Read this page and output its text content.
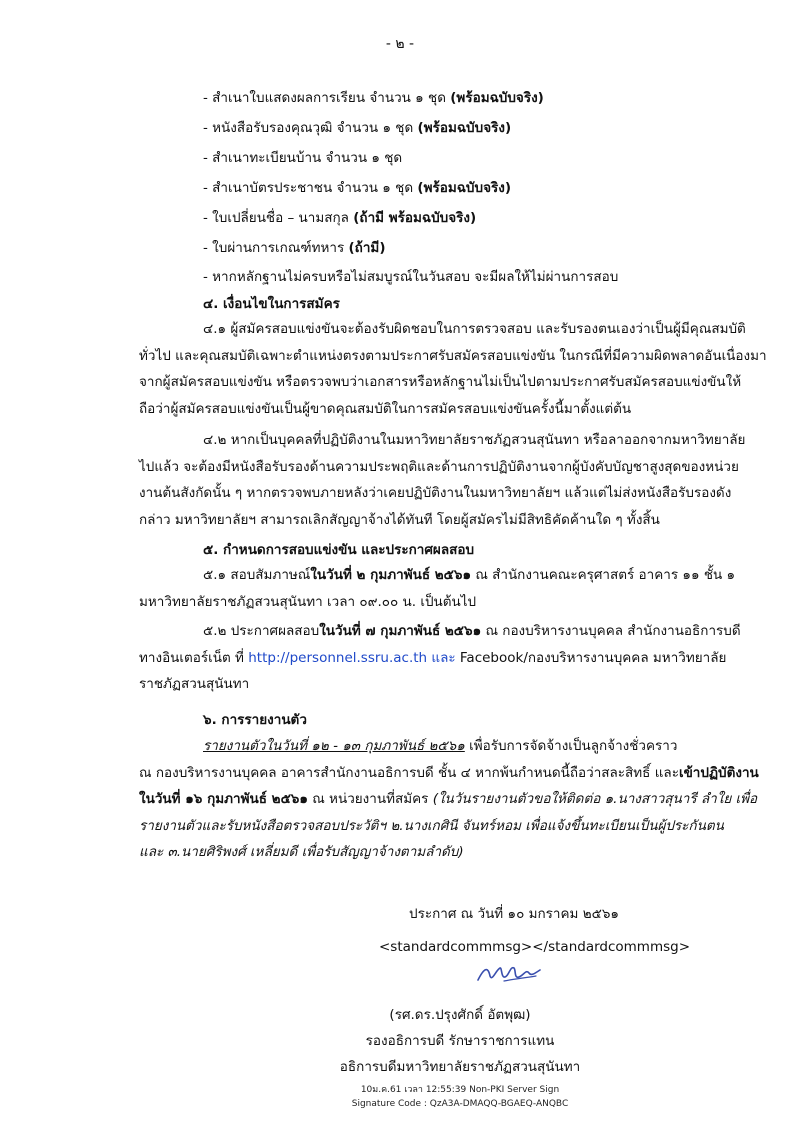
- ๒ -
- สำเนาใบแสดงผลการเรียน จำนวน ๑ ชุด (พร้อมฉบับจริง)
- หนังสือรับรองคุณวุฒิ จำนวน ๑ ชุด (พร้อมฉบับจริง)
- สำเนาทะเบียนบ้าน จำนวน ๑ ชุด
- สำเนาบัตรประชาชน จำนวน ๑ ชุด (พร้อมฉบับจริง)
- ใบเปลี่ยนชื่อ – นามสกุล (ถ้ามี พร้อมฉบับจริง)
- ใบผ่านการเกณฑ์ทหาร (ถ้ามี)
- หากหลักฐานไม่ครบหรือไม่สมบูรณ์ในวันสอบ จะมีผลให้ไม่ผ่านการสอบ
๔. เงื่อนไขในการสมัคร
๔.๑ ผู้สมัครสอบแข่งขันจะต้องรับผิดชอบในการตรวจสอบ และรับรองตนเองว่าเป็นผู้มีคุณสมบัติ
ทั่วไป และคุณสมบัติเฉพาะตำแหน่งตรงตามประกาศรับสมัครสอบแข่งขัน ในกรณีที่มีความผิดพลาดอันเนื่องมา
จากผู้สมัครสอบแข่งขัน หรือตรวจพบว่าเอกสารหรือหลักฐานไม่เป็นไปตามประกาศรับสมัครสอบแข่งขันให้
ถือว่าผู้สมัครสอบแข่งขันเป็นผู้ขาดคุณสมบัติในการสมัครสอบแข่งขันครั้งนี้มาตั้งแต่ต้น
๔.๒ หากเป็นบุคคลที่ปฏิบัติงานในมหาวิทยาลัยราชภัฏสวนสุนันทา หรือลาออกจากมหาวิทยาลัย
ไปแล้ว จะต้องมีหนังสือรับรองด้านความประพฤติและด้านการปฏิบัติงานจากผู้บังคับบัญชาสูงสุดของหน่วย
งานต้นสังกัดนั้น ๆ หากตรวจพบภายหลังว่าเคยปฏิบัติงานในมหาวิทยาลัยฯ แล้วแต่ไม่ส่งหนังสือรับรองดัง
กล่าว มหาวิทยาลัยฯ สามารถเลิกสัญญาจ้างได้ทันที โดยผู้สมัครไม่มีสิทธิคัดค้านใด ๆ ทั้งสิ้น
๕. กำหนดการสอบแข่งขัน และประกาศผลสอบ
๕.๑ สอบสัมภาษณ์ในวันที่ ๒ กุมภาพันธ์ ๒๕๖๑ ณ สำนักงานคณะครุศาสตร์ อาคาร ๑๑ ชั้น ๑
มหาวิทยาลัยราชภัฏสวนสุนันทา เวลา ๐๙.๐๐ น. เป็นต้นไป
๕.๒ ประกาศผลสอบในวันที่ ๗ กุมภาพันธ์ ๒๕๖๑ ณ กองบริหารงานบุคคล สำนักงานอธิการบดี
ทางอินเตอร์เน็ต ที่ http://personnel.ssru.ac.th และ Facebook/กองบริหารงานบุคคล มหาวิทยาลัย
ราชภัฏสวนสุนันทา
๖. การรายงานตัว
รายงานตัวในวันที่ ๑๒ - ๑๓ กุมภาพันธ์ ๒๕๖๑ เพื่อรับการจัดจ้างเป็นลูกจ้างชั่วคราว
ณ กองบริหารงานบุคคล อาคารสำนักงานอธิการบดี ชั้น ๔ หากพ้นกำหนดนี้ถือว่าสละสิทธิ์ และเข้าปฏิบัติงาน
ในวันที่ ๑๖ กุมภาพันธ์ ๒๕๖๑ ณ หน่วยงานที่สมัคร (ในวันรายงานตัวขอให้ติดต่อ ๑.นางสาวสุนารี ลำใย เพื่อ
รายงานตัวและรับหนังสือตรวจสอบประวัติฯ ๒.นางเกศินี จันทร์หอม เพื่อแจ้งขึ้นทะเบียนเป็นผู้ประกันตน
และ ๓.นายศิริพงศ์ เหลี่ยมดี เพื่อรับสัญญาจ้างตามลำดับ)
ประกาศ ณ วันที่ ๑๐ มกราคม ๒๕๖๑
<standardcommmsg></standardcommmsg>
(รศ.ดร.ปรุงศักดิ์ อัตพุฒ)
รองอธิการบดี รักษาราชการแทน
อธิการบดีมหาวิทยาลัยราชภัฏสวนสุนันทา
10ม.ค.61 เวลา 12:55:39 Non-PKI Server Sign
Signature Code : QzA3A-DMAQQ-BGAEQ-ANQBC
